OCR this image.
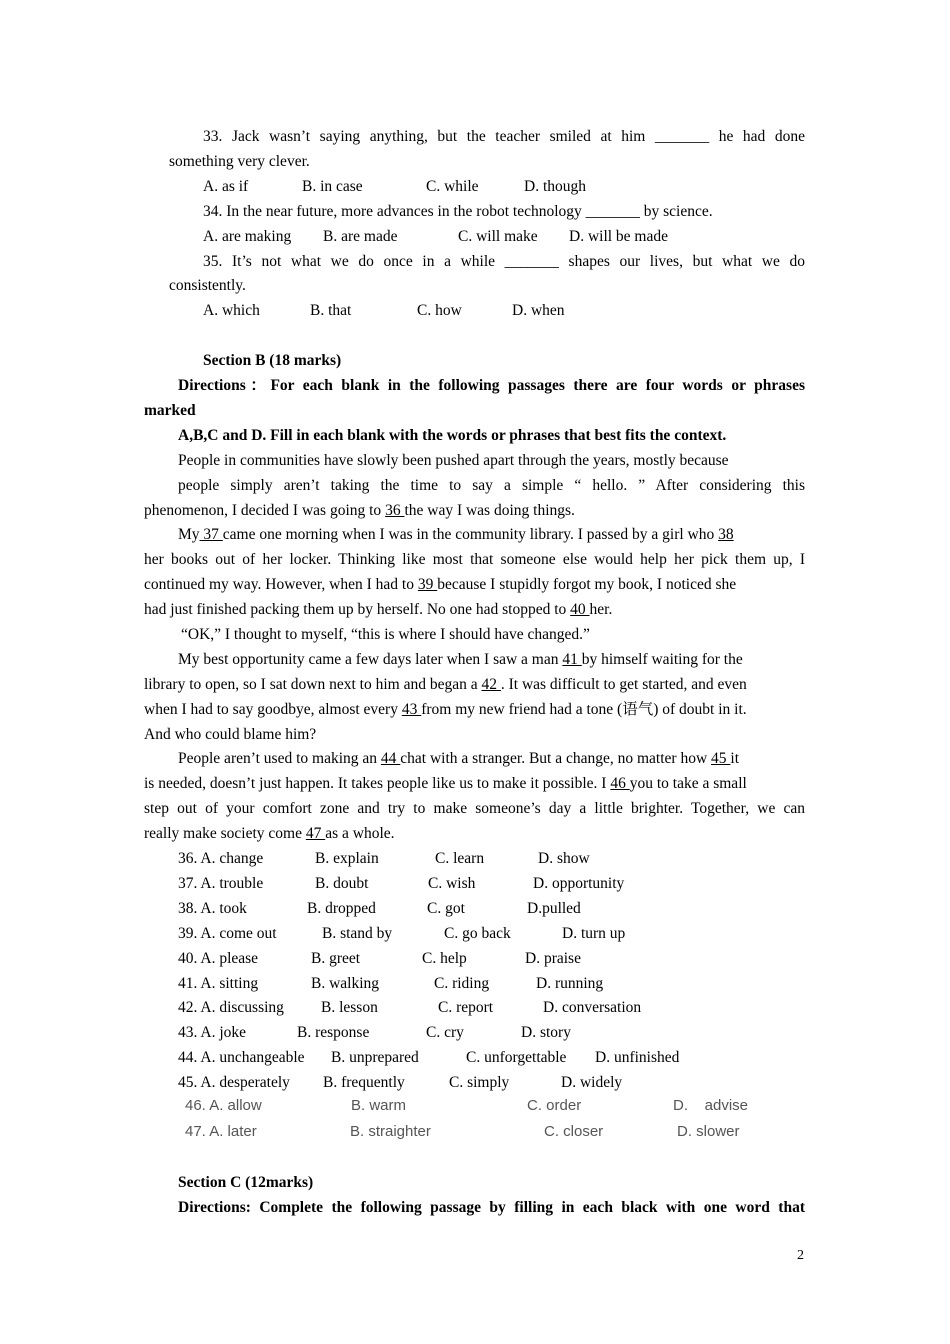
33. Jack wasn’t saying anything, but the teacher smiled at him _______ he had done
something very clever.
A. as if	B. in case	C. while	D. though
34. In the near future, more advances in the robot technology _______ by science.
A. are making B. are made	C. will make D. will be made
35. It’s not what we do once in a while _______ shapes our lives, but what we do
consistently.
A. which	B. that	C. how	D. when
Section B (18 marks)
Directions：For each blank in the following passages there are four words or phrases
marked
A,B,C and D. Fill in each blank with the words or phrases that best fits the context.
People in communities have slowly been pushed apart through the years, mostly because
people simply aren’t taking the time to say a simple “ hello. ” After considering this
phenomenon, I decided I was going to 36 the way I was doing things.
My 37 came one morning when I was in the community library. I passed by a girl who 38
her books out of her locker. Thinking like most that someone else would help her pick them up, I
continued my way. However, when I had to 39 because I stupidly forgot my book, I noticed she
had just finished packing them up by herself. No one had stopped to 40 her.
“OK,” I thought to myself, “this is where I should have changed.”
My best opportunity came a few days later when I saw a man 41 by himself waiting for the
library to open, so I sat down next to him and began a 42 . It was difficult to get started, and even
when I had to say goodbye, almost every 43 from my new friend had a tone (语气) of doubt in it.
And who could blame him?
People aren’t used to making an 44 chat with a stranger. But a change, no matter how 45 it
is needed, doesn’t just happen. It takes people like us to make it possible. I 46 you to take a small
step out of your comfort zone and try to make someone’s day a little brighter. Together, we can
really make society come 47 as a whole.
36. A. change	B. explain	C. learn	D. show
37. A. trouble	B. doubt	C. wish	D. opportunity
38. A. took	B. dropped	C. got	D.pulled
39. A. come out	B. stand by	C. go back	D. turn up
40. A. please	B. greet	C. help	D. praise
41. A. sitting	B. walking	C. riding	D. running
42. A. discussing B. lesson	C. report	D. conversation
43. A. joke	B. response	C. cry	D. story
44. A. unchangeable B. unprepared	C. unforgettable D. unfinished
45. A. desperately B. frequently	C. simply	D. widely
46. A. allow	B. warm	C. order	D.    advise
47. A. later	B. straighter	C. closer	D. slower
Section C (12marks)
Directions: Complete the following passage by filling in each black with one word that
2
